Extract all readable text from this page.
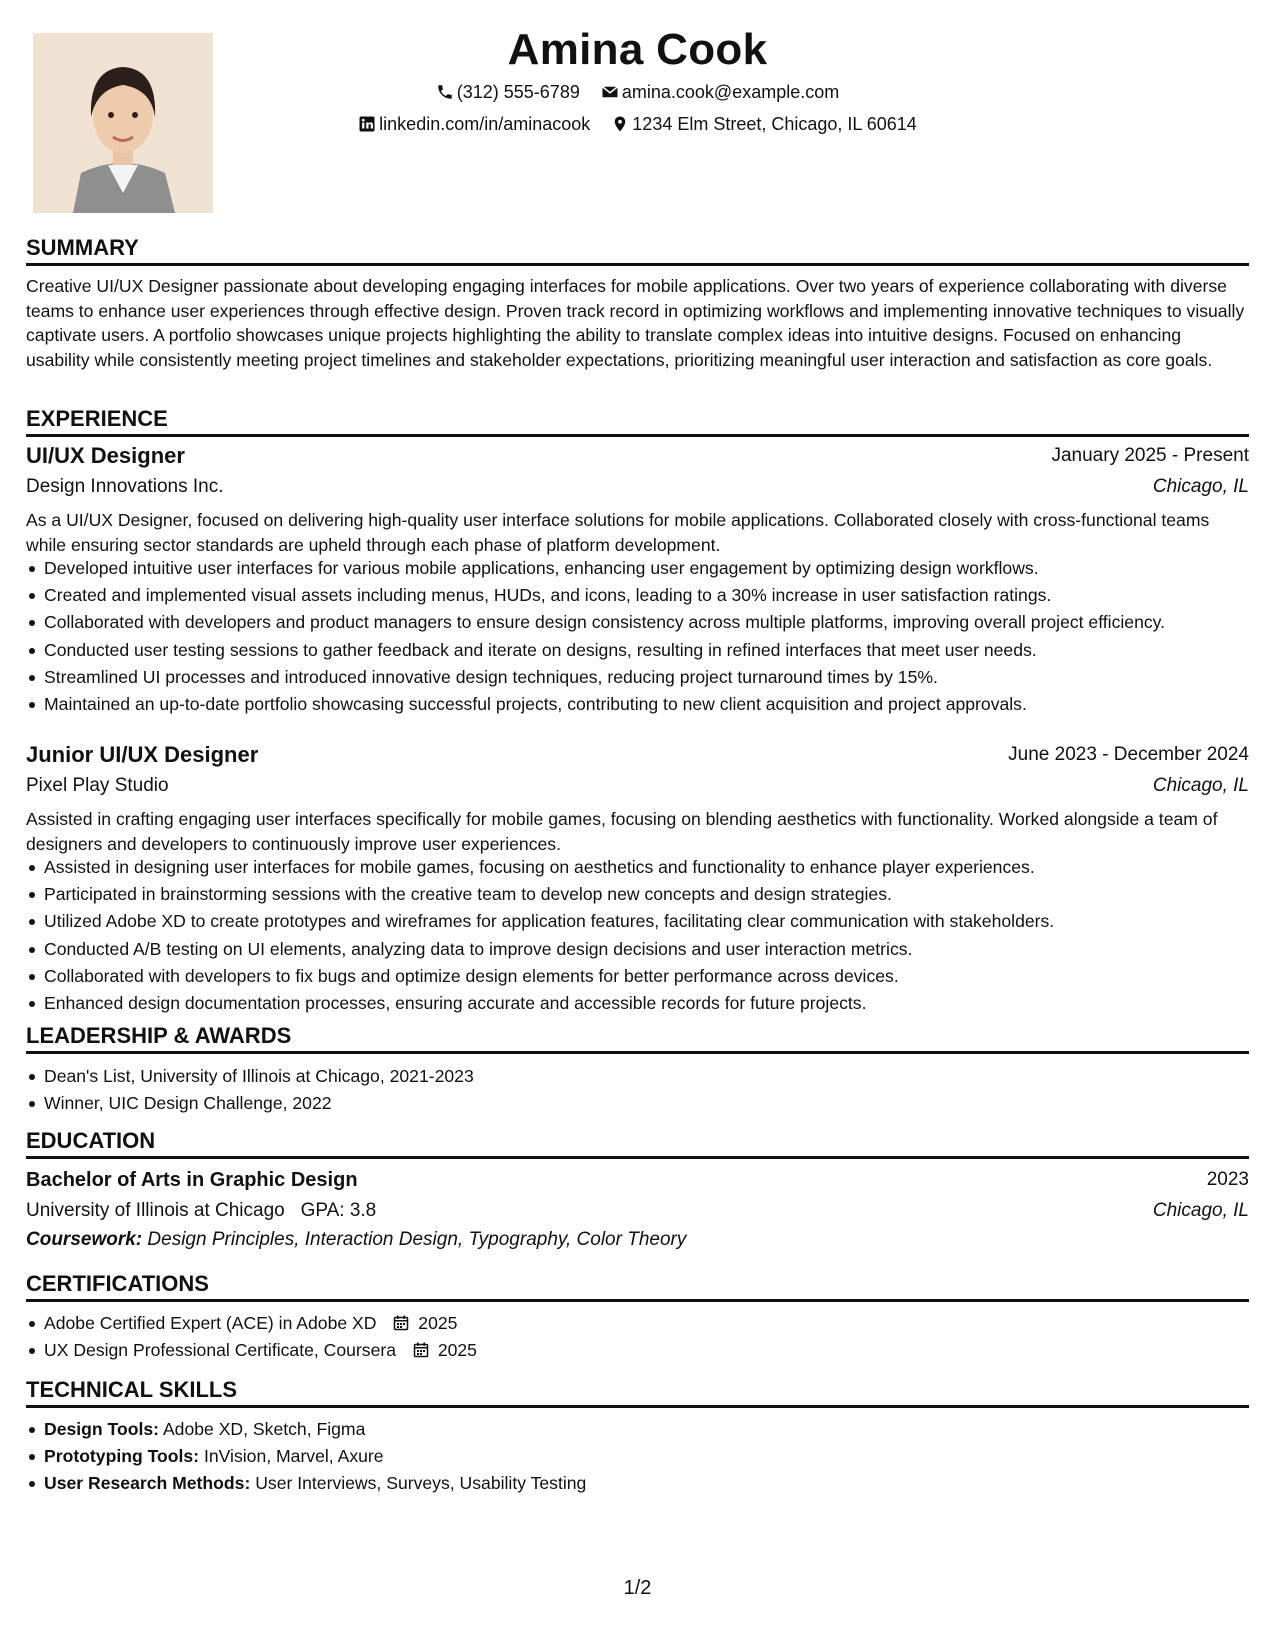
Amina Cook
(312) 555-6789
amina.cook@example.com
linkedin.com/in/aminacook
1234 Elm Street, Chicago, IL 60614
SUMMARY
Creative UI/UX Designer passionate about developing engaging interfaces for mobile applications. Over two years of experience collaborating with diverse teams to enhance user experiences through effective design. Proven track record in optimizing workflows and implementing innovative techniques to visually captivate users. A portfolio showcases unique projects highlighting the ability to translate complex ideas into intuitive designs. Focused on enhancing usability while consistently meeting project timelines and stakeholder expectations, prioritizing meaningful user interaction and satisfaction as core goals.
EXPERIENCE
UI/UX Designer	January 2025 - Present
Design Innovations Inc.	Chicago, IL
As a UI/UX Designer, focused on delivering high-quality user interface solutions for mobile applications. Collaborated closely with cross-functional teams while ensuring sector standards are upheld through each phase of platform development.
Developed intuitive user interfaces for various mobile applications, enhancing user engagement by optimizing design workflows.
Created and implemented visual assets including menus, HUDs, and icons, leading to a 30% increase in user satisfaction ratings.
Collaborated with developers and product managers to ensure design consistency across multiple platforms, improving overall project efficiency.
Conducted user testing sessions to gather feedback and iterate on designs, resulting in refined interfaces that meet user needs.
Streamlined UI processes and introduced innovative design techniques, reducing project turnaround times by 15%.
Maintained an up-to-date portfolio showcasing successful projects, contributing to new client acquisition and project approvals.
Junior UI/UX Designer	June 2023 - December 2024
Pixel Play Studio	Chicago, IL
Assisted in crafting engaging user interfaces specifically for mobile games, focusing on blending aesthetics with functionality. Worked alongside a team of designers and developers to continuously improve user experiences.
Assisted in designing user interfaces for mobile games, focusing on aesthetics and functionality to enhance player experiences.
Participated in brainstorming sessions with the creative team to develop new concepts and design strategies.
Utilized Adobe XD to create prototypes and wireframes for application features, facilitating clear communication with stakeholders.
Conducted A/B testing on UI elements, analyzing data to improve design decisions and user interaction metrics.
Collaborated with developers to fix bugs and optimize design elements for better performance across devices.
Enhanced design documentation processes, ensuring accurate and accessible records for future projects.
LEADERSHIP & AWARDS
Dean's List, University of Illinois at Chicago, 2021-2023
Winner, UIC Design Challenge, 2022
EDUCATION
Bachelor of Arts in Graphic Design	2023
University of Illinois at Chicago GPA: 3.8	Chicago, IL
Coursework: Design Principles, Interaction Design, Typography, Color Theory
CERTIFICATIONS
Adobe Certified Expert (ACE) in Adobe XD 2025
UX Design Professional Certificate, Coursera 2025
TECHNICAL SKILLS
Design Tools: Adobe XD, Sketch, Figma
Prototyping Tools: InVision, Marvel, Axure
User Research Methods: User Interviews, Surveys, Usability Testing
1/2
